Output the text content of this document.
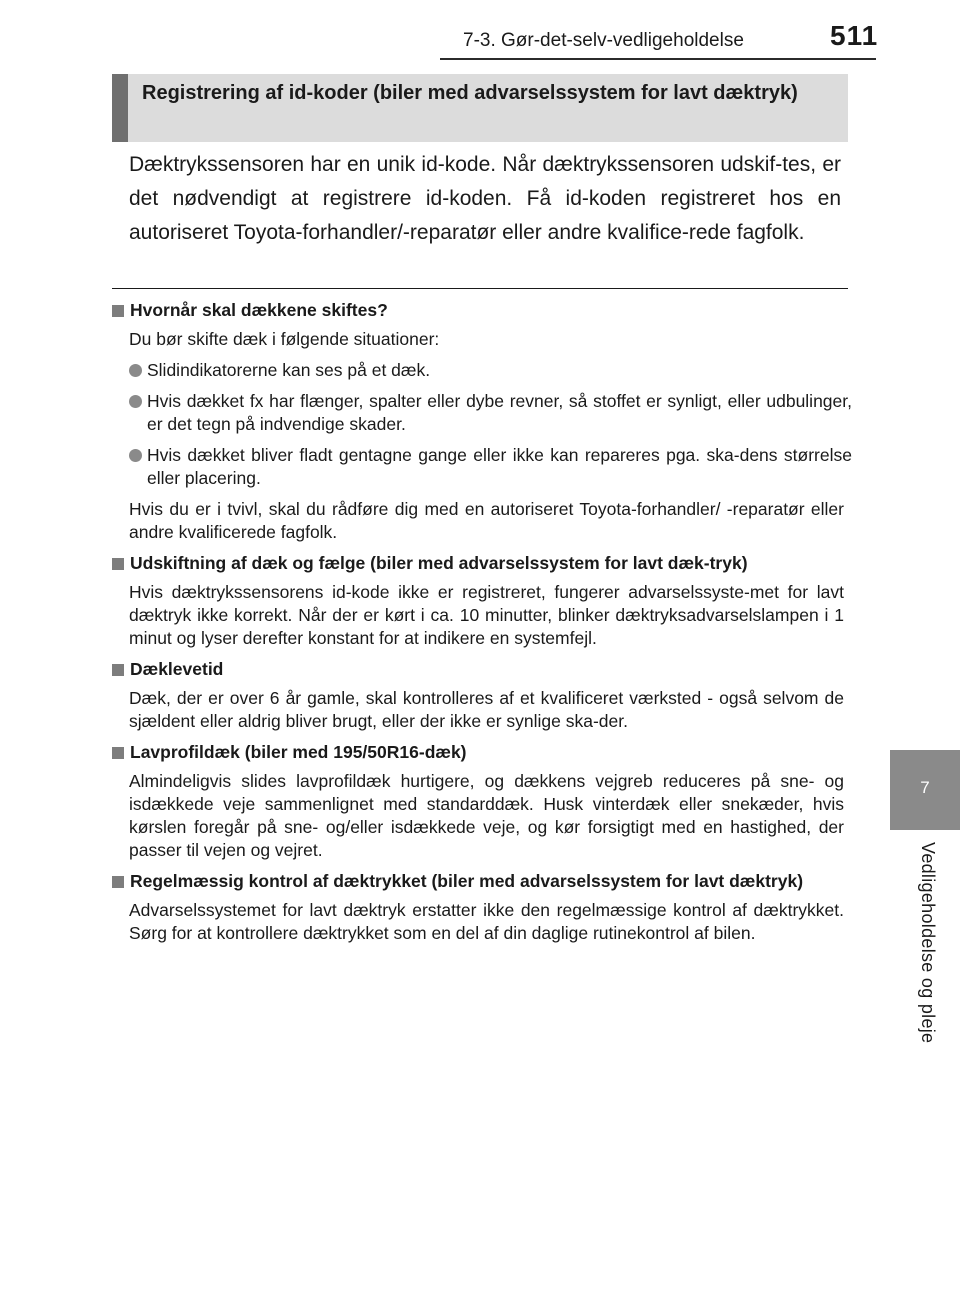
7-3. Gør-det-selv-vedligeholdelse	511
7
Vedligeholdelse og pleje
Registrering af id-koder (biler med advarselssystem for lavt dæktryk)
Dæktrykssensoren har en unik id-kode. Når dæktrykssensoren udskif-tes, er det nødvendigt at registrere id-koden. Få id-koden registreret hos en autoriseret Toyota-forhandler/-reparatør eller andre kvalifice-rede fagfolk.
Hvornår skal dækkene skiftes?
Du bør skifte dæk i følgende situationer:
Slidindikatorerne kan ses på et dæk.
Hvis dækket fx har flænger, spalter eller dybe revner, så stoffet er synligt, eller udbulinger, er det tegn på indvendige skader.
Hvis dækket bliver fladt gentagne gange eller ikke kan repareres pga. ska-dens størrelse eller placering.
Hvis du er i tvivl, skal du rådføre dig med en autoriseret Toyota-forhandler/ -reparatør eller andre kvalificerede fagfolk.
Udskiftning af dæk og fælge (biler med advarselssystem for lavt dæk-tryk)
Hvis dæktrykssensorens id-kode ikke er registreret, fungerer advarselssyste-met for lavt dæktryk ikke korrekt. Når der er kørt i ca. 10 minutter, blinker dæktryksadvarselslampen i 1 minut og lyser derefter konstant for at indikere en systemfejl.
Dæklevetid
Dæk, der er over 6 år gamle, skal kontrolleres af et kvalificeret værksted - også selvom de sjældent eller aldrig bliver brugt, eller der ikke er synlige ska-der.
Lavprofildæk (biler med 195/50R16-dæk)
Almindeligvis slides lavprofildæk hurtigere, og dækkens vejgreb reduceres på sne- og isdækkede veje sammenlignet med standarddæk. Husk vinterdæk eller snekæder, hvis kørslen foregår på sne- og/eller isdækkede veje, og kør forsigtigt med en hastighed, der passer til vejen og vejret.
Regelmæssig kontrol af dæktrykket (biler med advarselssystem for lavt dæktryk)
Advarselssystemet for lavt dæktryk erstatter ikke den regelmæssige kontrol af dæktrykket. Sørg for at kontrollere dæktrykket som en del af din daglige rutinekontrol af bilen.
